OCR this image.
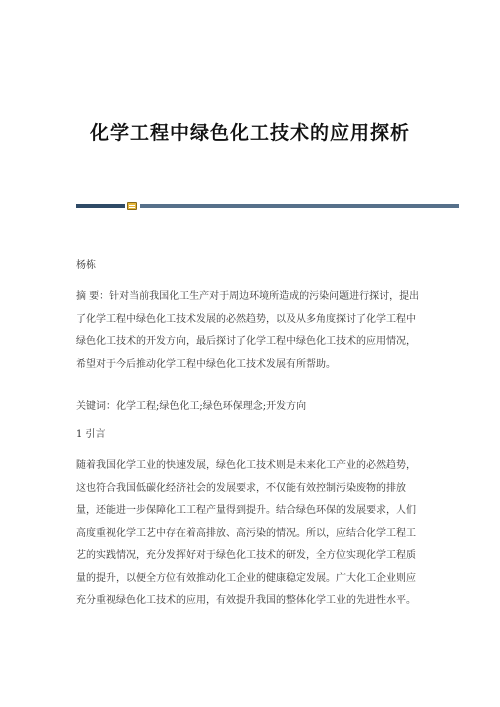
化学工程中绿色化工技术的应用探析
杨栋
摘 要：针对当前我国化工生产对于周边环境所造成的污染问题进行探讨，提出
了化学工程中绿色化工技术发展的必然趋势，以及从多角度探讨了化学工程中
绿色化工技术的开发方向，最后探讨了化学工程中绿色化工技术的应用情况，
希望对于今后推动化学工程中绿色化工技术发展有所帮助。
关键词：化学工程;绿色化工;绿色环保理念;开发方向
1 引言
随着我国化学工业的快速发展，绿色化工技术则是未来化工产业的必然趋势，
这也符合我国低碳化经济社会的发展要求，不仅能有效控制污染废物的排放
量，还能进一步保障化工工程产量得到提升。结合绿色环保的发展要求，人们
高度重视化学工艺中存在着高排放、高污染的情况。所以，应结合化学工程工
艺的实践情况，充分发挥好对于绿色化工技术的研发，全方位实现化学工程质
量的提升，以便全方位有效推动化工企业的健康稳定发展。广大化工企业则应
充分重视绿色化工技术的应用，有效提升我国的整体化学工业的先进性水平。
